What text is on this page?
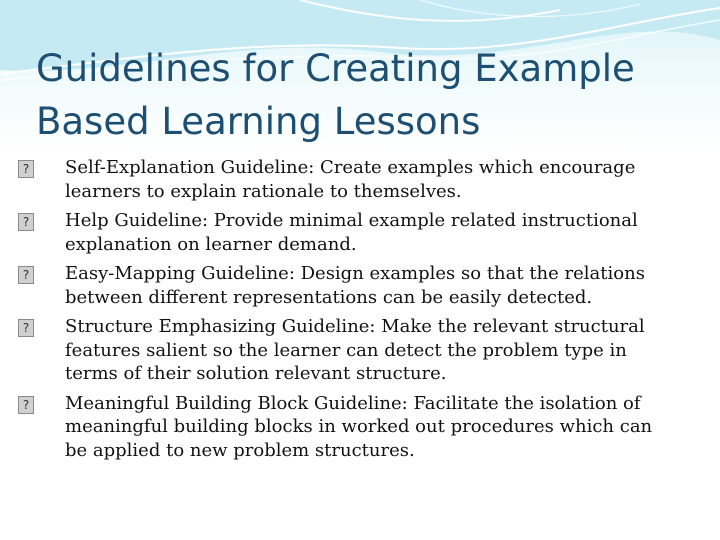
Guidelines for Creating Example Based Learning Lessons
? Self-Explanation Guideline: Create examples which encourage learners to explain rationale to themselves.
? Help Guideline: Provide minimal example related instructional explanation on learner demand.
? Easy-Mapping Guideline: Design examples so that the relations between different representations can be easily detected.
? Structure Emphasizing Guideline: Make the relevant structural features salient so the learner can detect the problem type in terms of their solution relevant structure.
? Meaningful Building Block Guideline: Facilitate the isolation of meaningful building blocks in worked out procedures which can be applied to new problem structures.
